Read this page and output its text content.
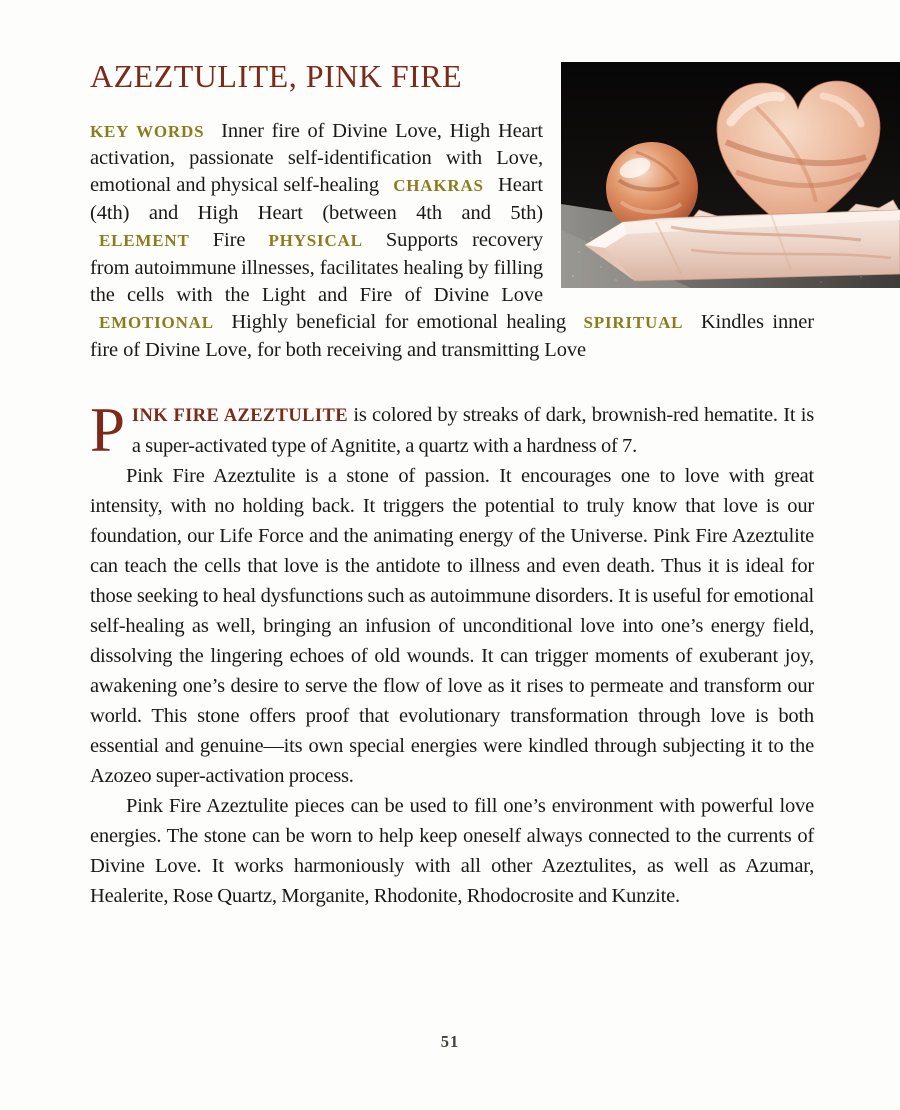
AZEZTULITE, PINK FIRE

KEY WORDS Inner fire of Divine Love, High Heart activation, passionate self-identification with Love, emotional and physical self-healing CHAKRAS Heart (4th) and High Heart (between 4th and 5th) ELEMENT Fire PHYSICAL Supports recovery from autoimmune illnesses, facilitates healing by filling the cells with the Light and Fire of Divine Love EMOTIONAL Highly beneficial for emotional healing SPIRITUAL Kindles inner fire of Divine Love, for both receiving and transmitting Love

PINK FIRE AZEZTULITE is colored by streaks of dark, brownish-red hematite. It is a super-activated type of Agnitite, a quartz with a hardness of 7.

Pink Fire Azeztulite is a stone of passion. It encourages one to love with great intensity, with no holding back. It triggers the potential to truly know that love is our foundation, our Life Force and the animating energy of the Universe. Pink Fire Azeztulite can teach the cells that love is the antidote to illness and even death. Thus it is ideal for those seeking to heal dysfunctions such as autoimmune disorders. It is useful for emotional self-healing as well, bringing an infusion of unconditional love into one’s energy field, dissolving the lingering echoes of old wounds. It can trigger moments of exuberant joy, awakening one’s desire to serve the flow of love as it rises to permeate and transform our world. This stone offers proof that evolutionary transformation through love is both essential and genuine—its own special energies were kindled through subjecting it to the Azozeo super-activation process.

Pink Fire Azeztulite pieces can be used to fill one’s environment with powerful love energies. The stone can be worn to help keep oneself always connected to the currents of Divine Love. It works harmoniously with all other Azeztulites, as well as Azumar, Healerite, Rose Quartz, Morganite, Rhodonite, Rhodocrosite and Kunzite.

51
